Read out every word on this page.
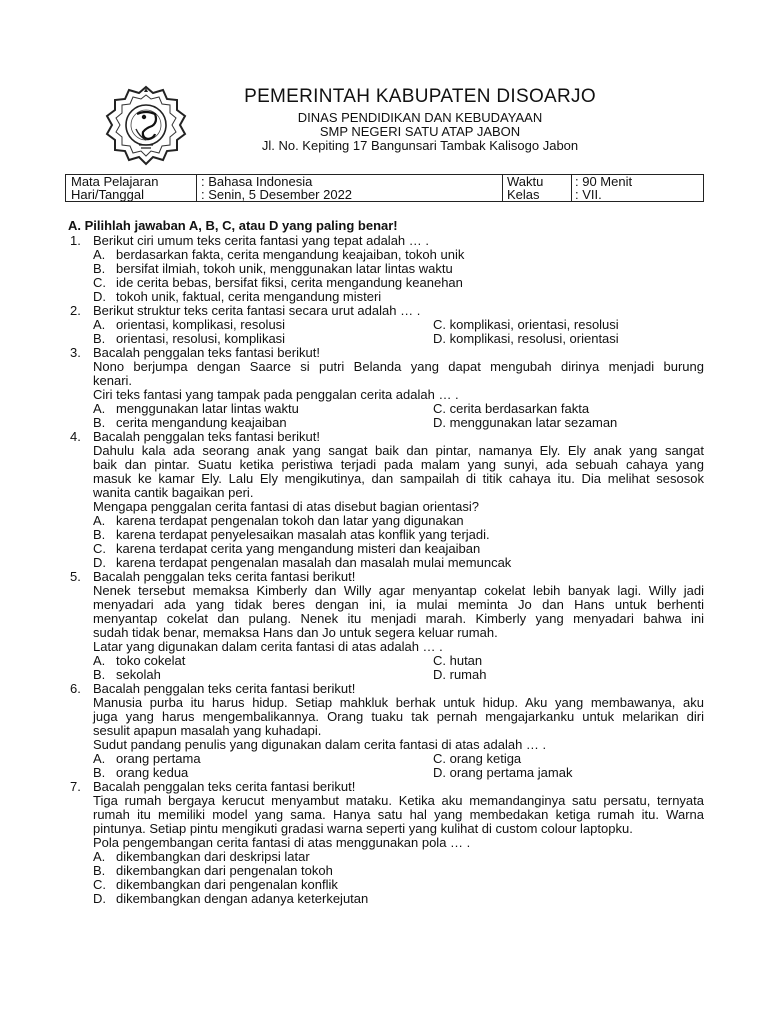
PEMERINTAH KABUPATEN DISOARJO
DINAS PENDIDIKAN DAN KEBUDAYAAN
SMP NEGERI SATU ATAP JABON
Jl. No. Kepiting 17 Bangunsari Tambak Kalisogo Jabon
Mata Pelajaran	: Bahasa Indonesia	Waktu : 90 Menit
Hari/Tanggal	: Senin, 5 Desember 2022	Kelas	: VII.
A. Pilihlah jawaban A, B, C, atau D yang paling benar!
1. Berikut ciri umum teks cerita fantasi yang tepat adalah … .
A. berdasarkan fakta, cerita mengandung keajaiban, tokoh unik
B. bersifat ilmiah, tokoh unik, menggunakan latar lintas waktu
C. ide cerita bebas, bersifat fiksi, cerita mengandung keanehan
D. tokoh unik, faktual, cerita mengandung misteri
2. Berikut struktur teks cerita fantasi secara urut adalah … .
A. orientasi, komplikasi, resolusi	C. komplikasi, orientasi, resolusi
B. orientasi, resolusi, komplikasi	D. komplikasi, resolusi, orientasi
3. Bacalah penggalan teks fantasi berikut!
Nono berjumpa dengan Saarce si putri Belanda yang dapat mengubah dirinya menjadi burung
kenari.
Ciri teks fantasi yang tampak pada penggalan cerita adalah … .
A. menggunakan latar lintas waktu	C. cerita berdasarkan fakta
B. cerita mengandung keajaiban	D. menggunakan latar sezaman
4. Bacalah penggalan teks fantasi berikut!
Dahulu kala ada seorang anak yang sangat baik dan pintar, namanya Ely. Ely anak yang sangat
baik dan pintar. Suatu ketika peristiwa terjadi pada malam yang sunyi, ada sebuah cahaya yang
masuk ke kamar Ely. Lalu Ely mengikutinya, dan sampailah di titik cahaya itu. Dia melihat sesosok
wanita cantik bagaikan peri.
Mengapa penggalan cerita fantasi di atas disebut bagian orientasi?
A. karena terdapat pengenalan tokoh dan latar yang digunakan
B. karena terdapat penyelesaikan masalah atas konflik yang terjadi.
C. karena terdapat cerita yang mengandung misteri dan keajaiban
D. karena terdapat pengenalan masalah dan masalah mulai memuncak
5. Bacalah penggalan teks cerita fantasi berikut!
Nenek tersebut memaksa Kimberly dan Willy agar menyantap cokelat lebih banyak lagi. Willy jadi
menyadari ada yang tidak beres dengan ini, ia mulai meminta Jo dan Hans untuk berhenti
menyantap cokelat dan pulang. Nenek itu menjadi marah. Kimberly yang menyadari bahwa ini
sudah tidak benar, memaksa Hans dan Jo untuk segera keluar rumah.
Latar yang digunakan dalam cerita fantasi di atas adalah … .
A. toko cokelat	C. hutan
B. sekolah	D. rumah
6. Bacalah penggalan teks cerita fantasi berikut!
Manusia purba itu harus hidup. Setiap mahkluk berhak untuk hidup. Aku yang membawanya, aku
juga yang harus mengembalikannya. Orang tuaku tak pernah mengajarkanku untuk melarikan diri
sesulit apapun masalah yang kuhadapi.
Sudut pandang penulis yang digunakan dalam cerita fantasi di atas adalah … .
A. orang pertama	C. orang ketiga
B. orang kedua	D. orang pertama jamak
7. Bacalah penggalan teks cerita fantasi berikut!
Tiga rumah bergaya kerucut menyambut mataku. Ketika aku memandanginya satu persatu, ternyata
rumah itu memiliki model yang sama. Hanya satu hal yang membedakan ketiga rumah itu. Warna
pintunya. Setiap pintu mengikuti gradasi warna seperti yang kulihat di custom colour laptopku.
Pola pengembangan cerita fantasi di atas menggunakan pola … .
A. dikembangkan dari deskripsi latar
B. dikembangkan dari pengenalan tokoh
C. dikembangkan dari pengenalan konflik
D. dikembangkan dengan adanya keterkejutan
